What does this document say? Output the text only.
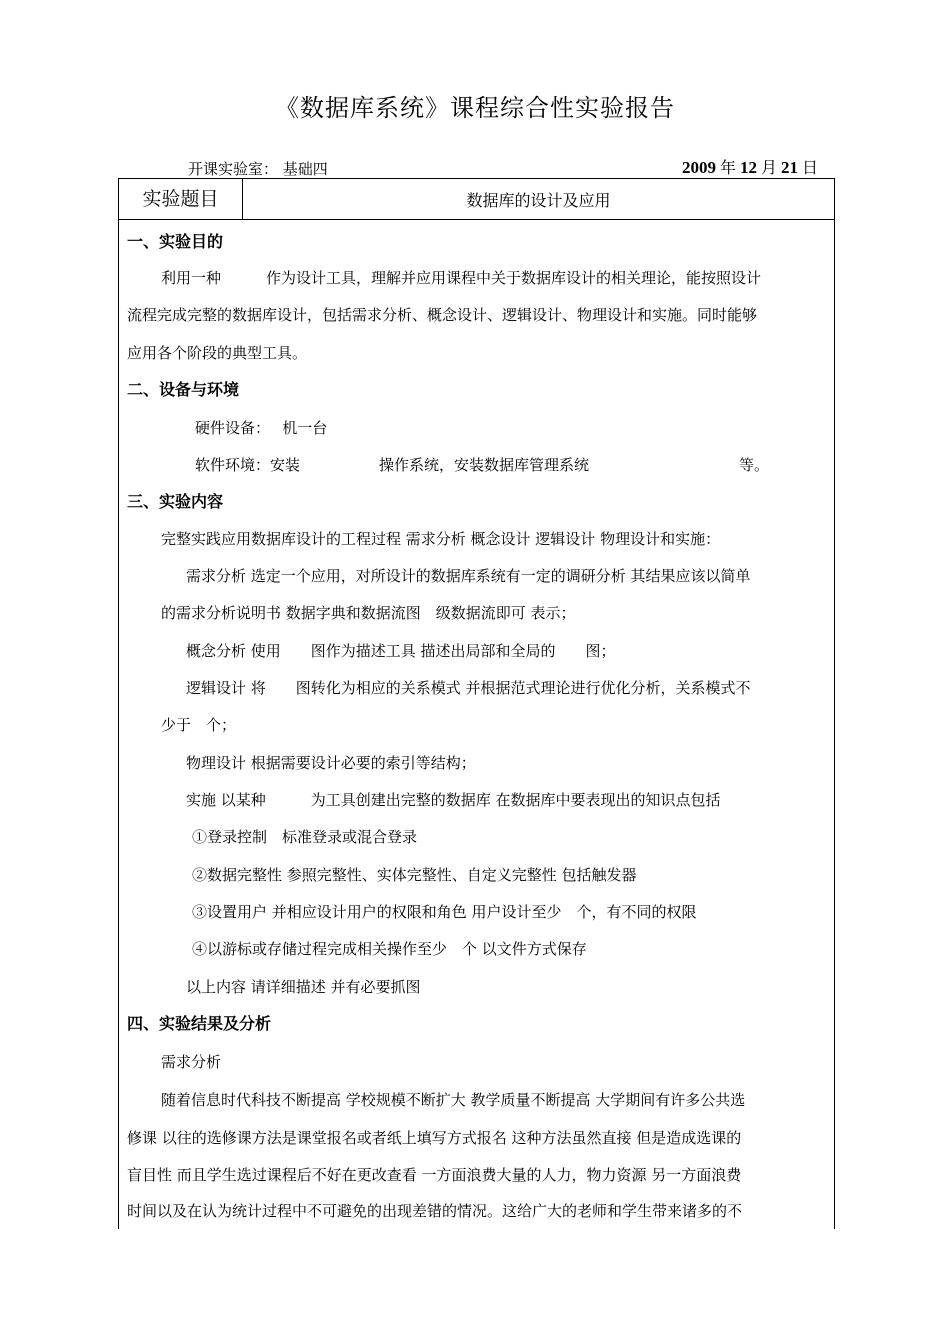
《数据库系统》课程综合性实验报告
开课实验室： 基础四	2009 年 12 月 21 日
实验题目	数据库的设计及应用
一、实验目的
利用一种　　　作为设计工具，理解并应用课程中关于数据库设计的相关理论，能按照设计
流程完成完整的数据库设计，包括需求分析、概念设计、逻辑设计、物理设计和实施。同时能够
应用各个阶段的典型工具。
二、设备与环境
硬件设备：　 机一台
软件环境：安装	操作系统，安装数据库管理系统	等。
三、实验内容
完整实践应用数据库设计的工程过程 需求分析 概念设计 逻辑设计 物理设计和实施：
需求分析 选定一个应用，对所设计的数据库系统有一定的调研分析 其结果应该以简单
的需求分析说明书 数据字典和数据流图　级数据流即可 表示；
概念分析 使用　　图作为描述工具 描述出局部和全局的　　图；
逻辑设计 将　　图转化为相应的关系模式 并根据范式理论进行优化分析，关系模式不
少于　个；
物理设计 根据需要设计必要的索引等结构；
实施 以某种　　　为工具创建出完整的数据库 在数据库中要表现出的知识点包括
①登录控制　标准登录或混合登录
②数据完整性 参照完整性、实体完整性、自定义完整性 包括触发器
③设置用户 并相应设计用户的权限和角色 用户设计至少　个，有不同的权限
④以游标或存储过程完成相关操作至少　个 以文件方式保存
以上内容 请详细描述 并有必要抓图
四、实验结果及分析
需求分析
随着信息时代科技不断提高 学校规模不断扩大 教学质量不断提高 大学期间有许多公共选
修课 以往的选修课方法是课堂报名或者纸上填写方式报名 这种方法虽然直接 但是造成选课的
盲目性 而且学生选过课程后不好在更改查看 一方面浪费大量的人力，物力资源 另一方面浪费
时间以及在认为统计过程中不可避免的出现差错的情况。这给广大的老师和学生带来诸多的不
